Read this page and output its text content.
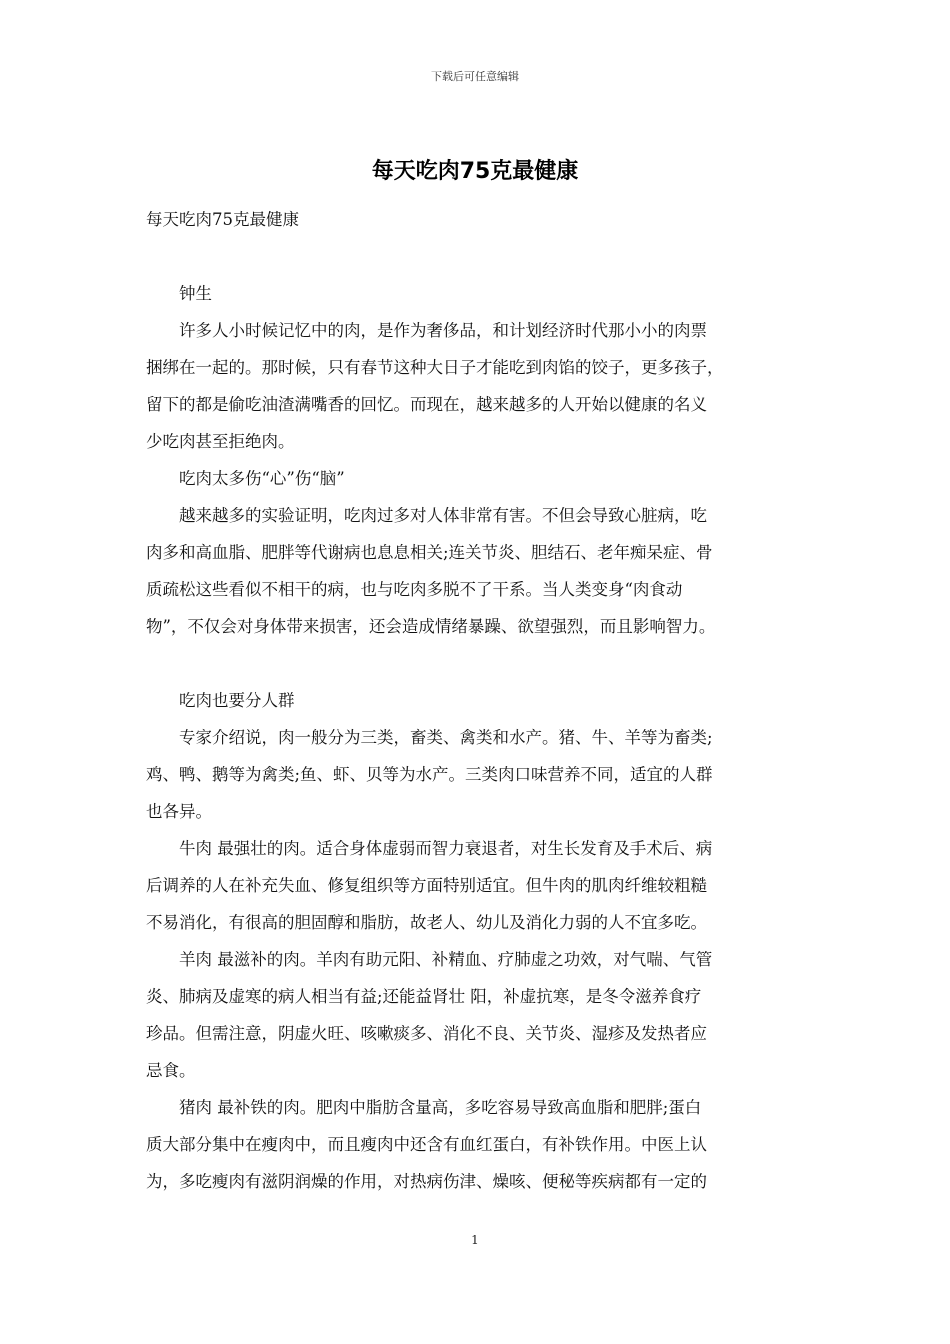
下载后可任意编辑
每天吃肉75克最健康
每天吃肉75克最健康
钟生
许多人小时候记忆中的肉，是作为奢侈品，和计划经济时代那小小的肉票
捆绑在一起的。那时候，只有春节这种大日子才能吃到肉馅的饺子，更多孩子，
留下的都是偷吃油渣满嘴香的回忆。而现在，越来越多的人开始以健康的名义
少吃肉甚至拒绝肉。
吃肉太多伤“心”伤“脑”
越来越多的实验证明，吃肉过多对人体非常有害。不但会导致心脏病，吃
肉多和高血脂、肥胖等代谢病也息息相关;连关节炎、胆结石、老年痴呆症、骨
质疏松这些看似不相干的病，也与吃肉多脱不了干系。当人类变身“肉食动
物”，不仅会对身体带来损害，还会造成情绪暴躁、欲望强烈，而且影响智力。
吃肉也要分人群
专家介绍说，肉一般分为三类，畜类、禽类和水产。猪、牛、羊等为畜类;
鸡、鸭、鹅等为禽类;鱼、虾、贝等为水产。三类肉口味营养不同，适宜的人群
也各异。
牛肉 最强壮的肉。适合身体虚弱而智力衰退者，对生长发育及手术后、病
后调养的人在补充失血、修复组织等方面特别适宜。但牛肉的肌肉纤维较粗糙
不易消化，有很高的胆固醇和脂肪，故老人、幼儿及消化力弱的人不宜多吃。
羊肉 最滋补的肉。羊肉有助元阳、补精血、疗肺虚之功效，对气喘、气管
炎、肺病及虚寒的病人相当有益;还能益肾壮 阳，补虚抗寒，是冬令滋养食疗
珍品。但需注意，阴虚火旺、咳嗽痰多、消化不良、关节炎、湿疹及发热者应
忌食。
猪肉 最补铁的肉。肥肉中脂肪含量高，多吃容易导致高血脂和肥胖;蛋白
质大部分集中在瘦肉中，而且瘦肉中还含有血红蛋白，有补铁作用。中医上认
为，多吃瘦肉有滋阴润燥的作用，对热病伤津、燥咳、便秘等疾病都有一定的
1
